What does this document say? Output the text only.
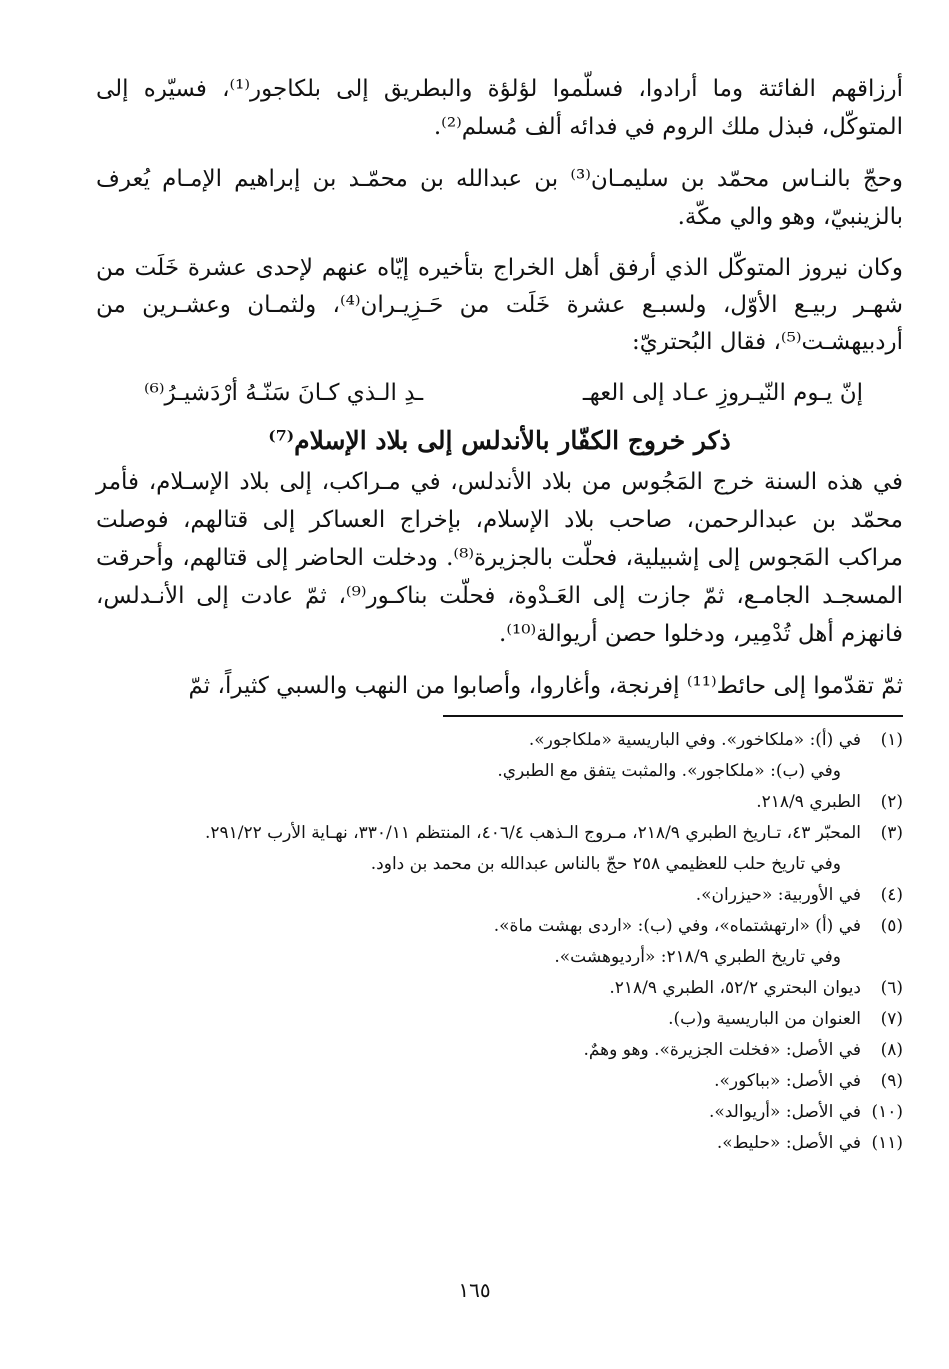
أرزاقهم الفائتة وما أرادوا، فسلّموا لؤلؤة والبطريق إلى بلكاجور⁽¹⁾، فسيّره إلى المتوكّل، فبذل ملك الروم في فدائه ألف مُسلم⁽²⁾.

وحجّ بالنـاس محمّد بن سليمـان⁽³⁾ بن عبدالله بن محمّـد بن إبراهيم الإمـام يُعرف بالزينبيّ، وهو والي مكّة.

وكان نيروز المتوكّل الذي أرفق أهل الخراج بتأخيره إيّاه عنهم لإحدى عشرة خَلَت من شهـر ربيـع الأوّل، ولسبـع عشرة خَلَت من حَـزِيـران⁽⁴⁾، ولثمـان وعشـرين من أردبيهشـت⁽⁵⁾، فقال البُحتريّ:

إنّ يـوم النّيـروزِ عـاد إلى العهـ
ـدِ الـذي كـانَ سَنّـهُ أرْدَشيـرُ⁽⁶⁾
ذكر خروج الكفّار بالأندلس إلى بلاد الإسلام⁽⁷⁾

في هذه السنة خرج المَجُوس من بلاد الأندلس، في مـراكب، إلى بلاد الإسـلام، فأمر محمّد بن عبدالرحمن، صاحب بلاد الإسلام، بإخراج العساكر إلى قتالهم، فوصلت مراكب المَجوس إلى إشبيلية، فحلّت بالجزيرة⁽⁸⁾. ودخلت الحاضر إلى قتالهم، وأحرقت المسجـد الجامـع، ثمّ جازت إلى العَـدْوة، فحلّت بناكـور⁽⁹⁾، ثمّ عادت إلى الأنـدلس، فانهزم أهل تُدْمِير، ودخلوا حصن أريوالة⁽¹⁰⁾.

ثمّ تقدّموا إلى حائط⁽¹¹⁾ إفرنجة، وأغاروا، وأصابوا من النهب والسبي كثيراً، ثمّ

(١)
في (أ): «ملكاخور». وفي الباريسية «ملكاجور».
وفي (ب): «ملكاجور». والمثبت يتفق مع الطبري.
(٢)
الطبري ٢١٨/٩.
(٣)
المحبّر ٤٣، تـاريخ الطبري ٢١٨/٩، مـروج الـذهب ٤٠٦/٤، المنتظم ٣٣٠/١١، نهـاية الأرب ٢٩١/٢٢.
وفي تاريخ حلب للعظيمي ٢٥٨ حجّ بالناس عبدالله بن محمد بن داود.
(٤)
في الأوربية: «حيزران».
(٥)
في (أ) «ارتهشتماه»، وفي (ب): «اردى بهشت ماة».
وفي تاريخ الطبري ٢١٨/٩: «أرديوهشت».
(٦)
ديوان البحتري ٥٢/٢، الطبري ٢١٨/٩.
(٧)
العنوان من الباريسية و(ب).
(٨)
في الأصل: «فخلت الجزيرة». وهو وهمٌ.
(٩)
في الأصل: «بباكور».
(١٠)
في الأصل: «أريوالد».
(١١)
في الأصل: «حليط».
١٦٥
